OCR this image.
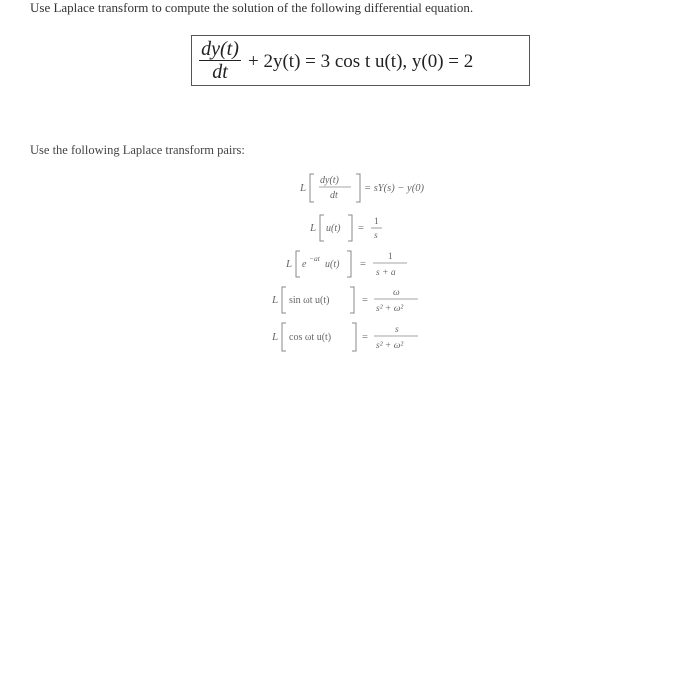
Use Laplace transform to compute the solution of the following differential equation.
dy(t)
dt	+ 2y(t) = 3 cos t u(t), y(0) = 2
Use the following Laplace transform pairs:
L
dy(t)
dt
= sY(s) − y(0)
L u(t) =
1
s
L e
−at
u(t) =
1
s + a
L sin ωt u(t)	=
ω
s² + ω²
L cos ωt u(t)	=
s
s² + ω²
